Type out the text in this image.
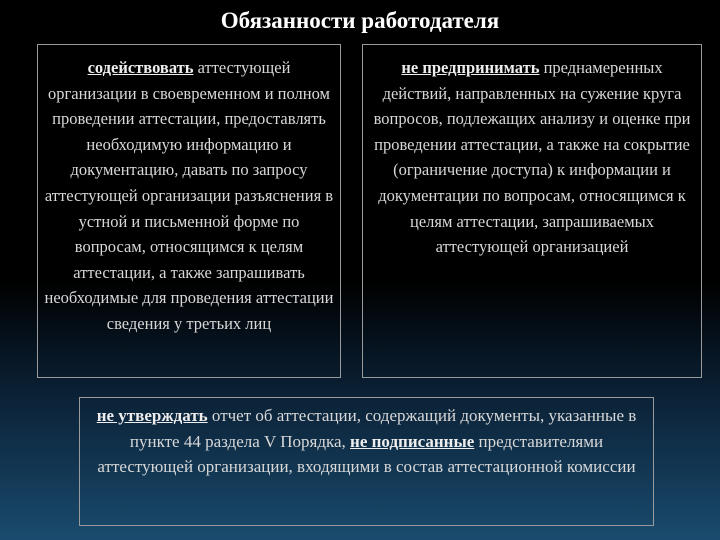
Обязанности работодателя
содействовать аттестующей организации в своевременном и полном проведении аттестации, предоставлять необходимую информацию и документацию, давать по запросу аттестующей организации разъяснения в устной и письменной форме по вопросам, относящимся к целям аттестации, а также запрашивать необходимые для проведения аттестации сведения у третьих лиц
не предпринимать преднамеренных действий, направленных на сужение круга вопросов, подлежащих анализу и оценке при проведении аттестации, а также на сокрытие (ограничение доступа) к информации и документации по вопросам, относящимся к целям аттестации, запрашиваемых аттестующей организацией
не утверждать отчет об аттестации, содержащий документы, указанные в пункте 44 раздела V Порядка, не подписанные представителями аттестующей организации, входящими в состав аттестационной комиссии
